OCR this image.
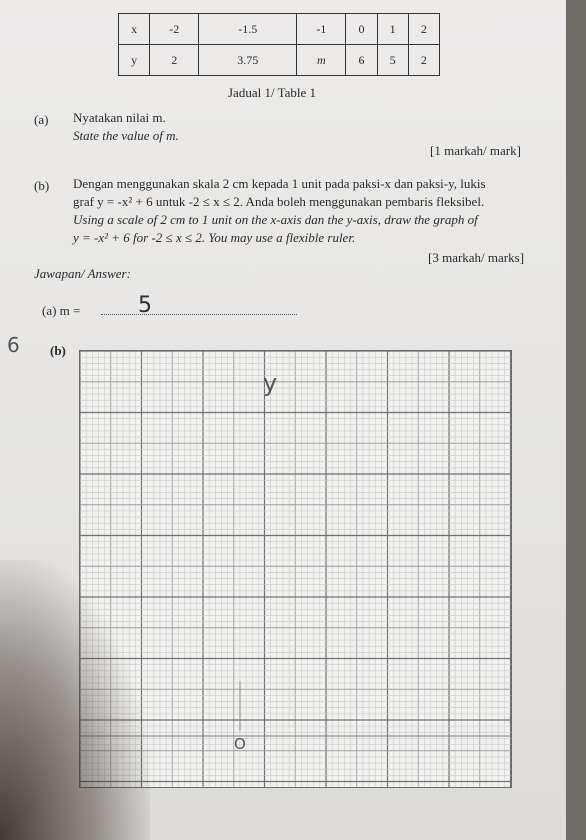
x	-2	-1.5	-1	0	1	2
y	2	3.75	m	6	5	2
Jadual 1/ Table 1
(a) Nyatakan nilai m.
State the value of m.
[1 markah/ mark]
(b) Dengan menggunakan skala 2 cm kepada 1 unit pada paksi-x dan paksi-y, lukis
graf y = -x² + 6 untuk -2 ≤ x ≤ 2. Anda boleh menggunakan pembaris fleksibel.
Using a scale of 2 cm to 1 unit on the x-axis dan the y-axis, draw the graph of
y = -x² + 6 for -2 ≤ x ≤ 2. You may use a flexible ruler.
[3 markah/ marks]
Jawapan/ Answer:
(a) m =	5
(b)
6
y
O
